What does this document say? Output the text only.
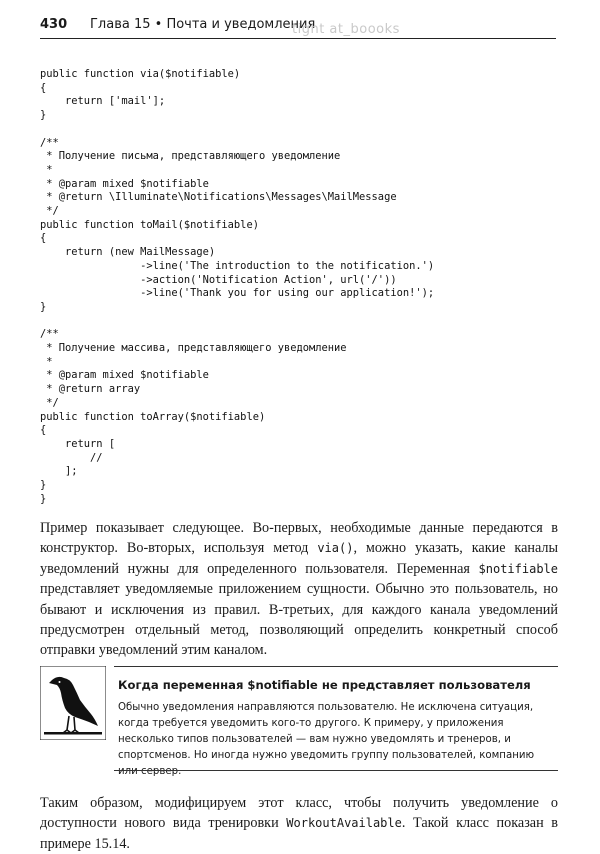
430 Глава 15 • Почта и уведомления
tight at_boooks
public function via($notifiable)
{
return ['mail'];
}

/**
* Получение письма, представляющего уведомление
*
* @param mixed $notifiable
* @return \Illuminate\Notifications\Messages\MailMessage
*/
public function toMail($notifiable)
{
return (new MailMessage)
->line('The introduction to the notification.')
->action('Notification Action', url('/'))
->line('Thank you for using our application!');
}

/**
* Получение массива, представляющего уведомление
*
* @param mixed $notifiable
* @return array
*/
public function toArray($notifiable)
{
return [
//
];
}
}

Пример показывает следующее. Во-первых, необходимые данные передаются в конструктор. Во-вторых, используя метод via(), можно указать, какие каналы уведомлений нужны для определенного пользователя. Переменная $notifiable представляет уведомляемые приложением сущности. Обычно это пользователь, но бывают и исключения из правил. В-третьих, для каждого канала уведомлений предусмотрен отдельный метод, позволяющий определить конкретный способ отправки уведомлений этим каналом.

Когда переменная $notifiable не представляет пользователя

Обычно уведомления направляются пользователю. Не исключена ситуация, когда требуется уведомить кого-то другого. К примеру, у приложения несколько типов пользователей — вам нужно уведомлять и тренеров, и спортсменов. Но иногда нужно уведомить группу пользователей, компанию или сервер.

Таким образом, модифицируем этот класс, чтобы получить уведомление о доступности нового вида тренировки WorkoutAvailable. Такой класс показан в примере 15.14.
